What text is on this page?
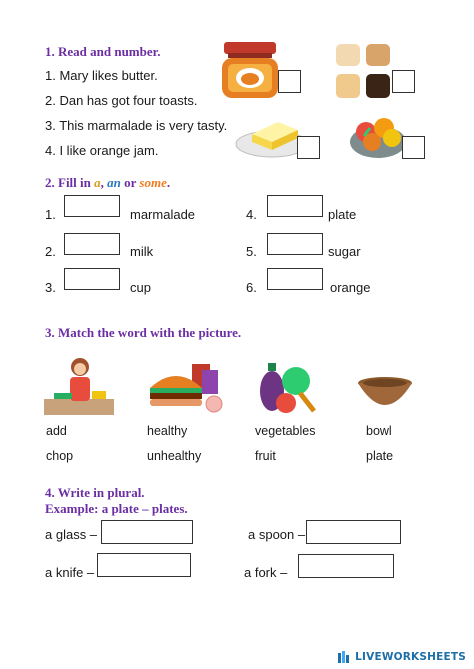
1. Read and number.
1. Mary likes butter.
2. Dan has got four toasts.
3. This marmalade is very tasty.
4. I like orange jam.
2. Fill in a, an or some.
1.	marmalade
2.	milk
3.	cup
4.	plate
5.	sugar
6.	orange
3. Match the word with the picture.
add	healthy	vegetables	bowl
chop	unhealthy	fruit	plate
4. Write in plural.
Example: a plate – plates.
a glass –	a spoon –
a knife –	a fork –
LIVEWORKSHEETS
